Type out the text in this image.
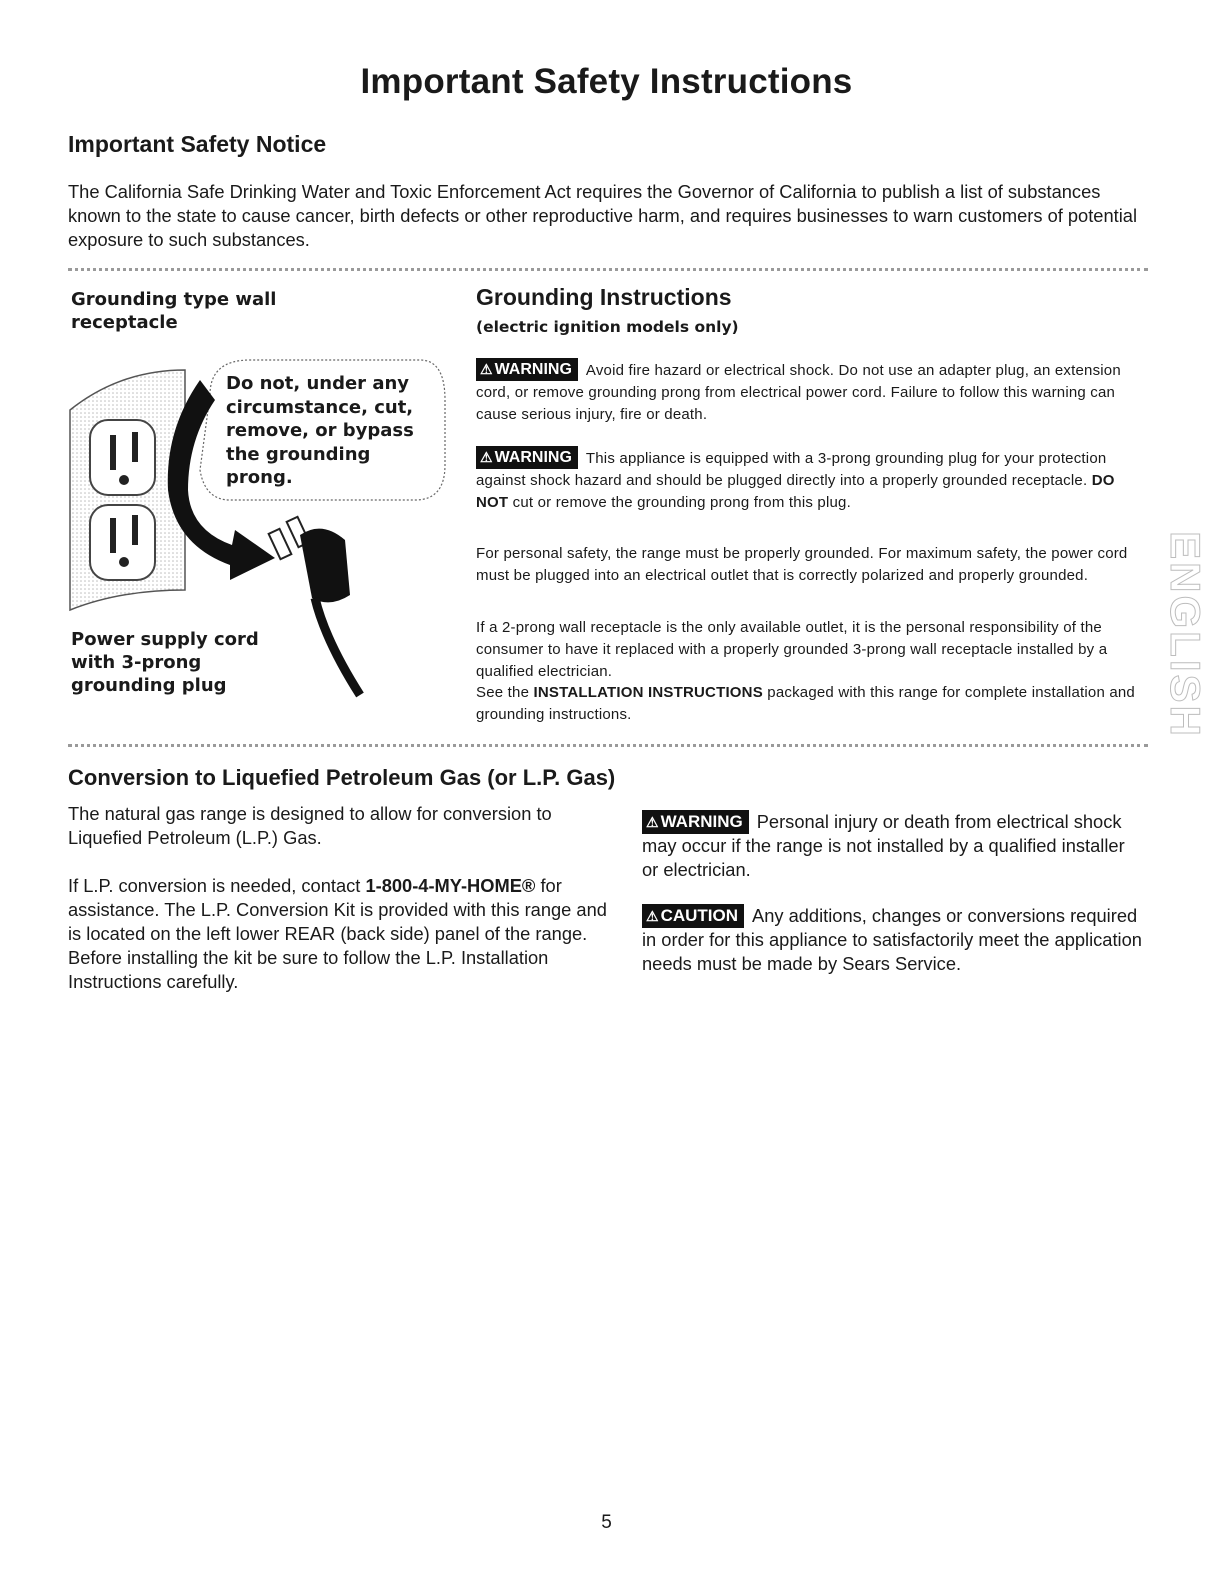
Important Safety Instructions
Important Safety Notice
The California Safe Drinking Water and Toxic Enforcement Act requires the Governor of California to publish a list of substances known to the state to cause cancer, birth defects or other reproductive harm, and requires businesses to warn customers of potential exposure to such substances.
Grounding type wall receptacle
Do not, under any circumstance, cut, remove, or bypass the grounding prong.
Power supply cord with 3-prong grounding plug
Grounding Instructions
(electric ignition models only)
⚠ WARNING Avoid fire hazard or electrical shock. Do not use an adapter plug, an extension cord, or remove grounding prong from electrical power cord. Failure to follow this warning can cause serious injury, fire or death.
⚠ WARNING This appliance is equipped with a 3-prong grounding plug for your protection against shock hazard and should be plugged directly into a properly grounded receptacle. DO NOT cut or remove the grounding prong from this plug.
For personal safety, the range must be properly grounded. For maximum safety, the power cord must be plugged into an electrical outlet that is correctly polarized and properly grounded.
If a 2-prong wall receptacle is the only available outlet, it is the personal responsibility of the consumer to have it replaced with a properly grounded 3-prong wall receptacle installed by a qualified electrician.
See the INSTALLATION INSTRUCTIONS packaged with this range for complete installation and grounding instructions.
Conversion to Liquefied Petroleum Gas (or L.P. Gas)
The natural gas range is designed to allow for conversion to Liquefied Petroleum (L.P.) Gas.
If L.P. conversion is needed, contact 1-800-4-MY-HOME® for assistance. The L.P. Conversion Kit is provided with this range and is located on the left lower REAR (back side) panel of the range. Before installing the kit be sure to follow the L.P. Installation Instructions carefully.
⚠ WARNING Personal injury or death from electrical shock may occur if the range is not installed by a qualified installer or electrician.
⚠ CAUTION Any additions, changes or conversions required in order for this appliance to satisfactorily meet the application needs must be made by Sears Service.
ENGLISH
5
